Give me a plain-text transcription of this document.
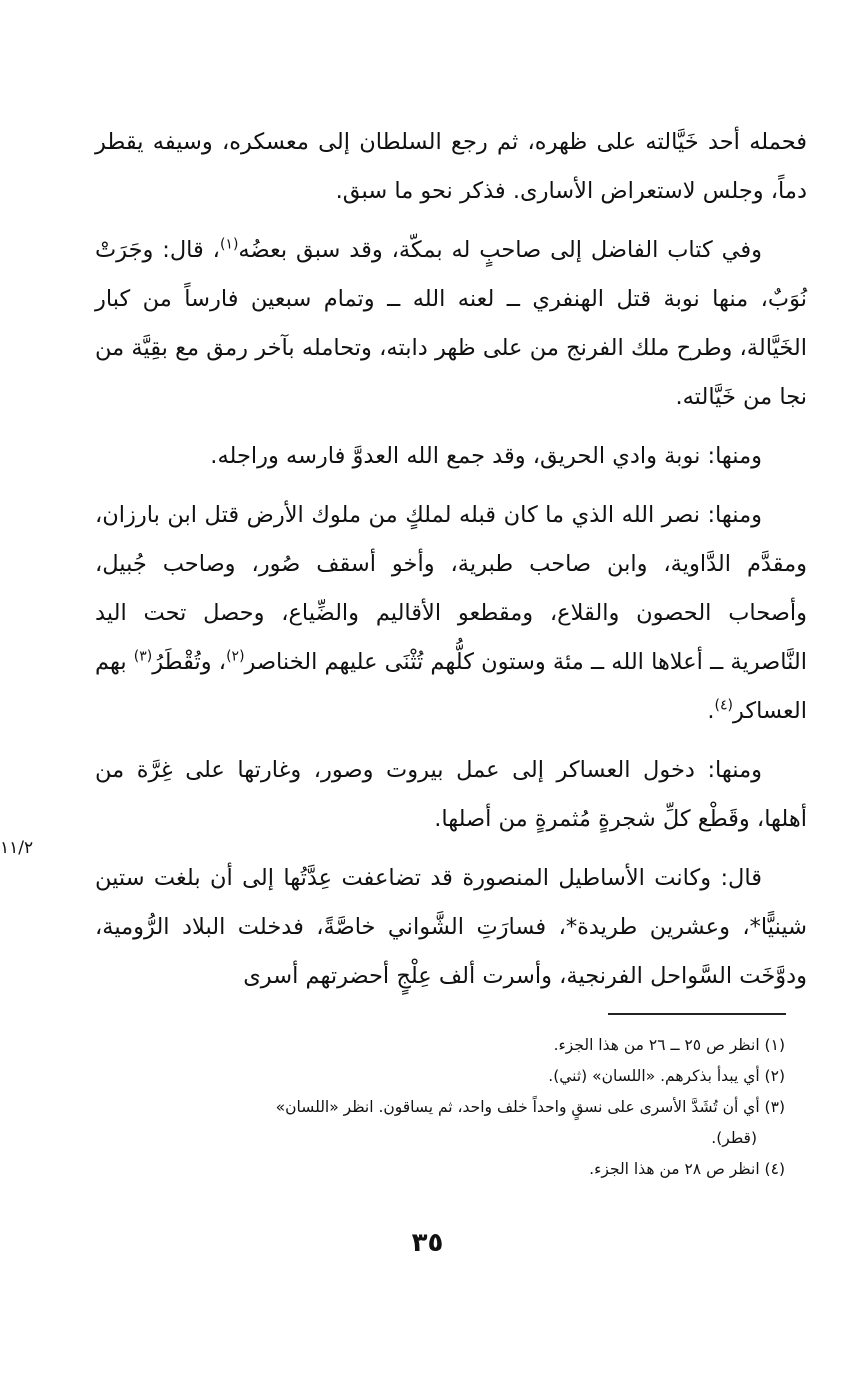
فحمله أحد خَيَّالته على ظهره، ثم رجع السلطان إلى معسكره، وسيفه يقطر دماً، وجلس لاستعراض الأسارى. فذكر نحو ما سبق.

وفي كتاب الفاضل إلى صاحبٍ له بمكّة، وقد سبق بعضُه$^{(١)}$، قال: وجَرَتْ نُوَبٌ، منها نوبة قتل الهنفري ــ لعنه الله ــ وتمام سبعين فارساً من كبار الخَيَّالة، وطرح ملك الفرنج من على ظهر دابته، وتحامله بآخر رمق مع بقِيَّة من نجا من خَيَّالته.

ومنها: نوبة وادي الحريق، وقد جمع الله العدوَّ فارسه وراجله.

ومنها: نصر الله الذي ما كان قبله لملكٍ من ملوك الأرض قتل ابن بارزان، ومقدَّم الدَّاوية، وابن صاحب طبرية، وأخو أسقف صُور، وصاحب جُبيل، وأصحاب الحصون والقلاع، ومقطعو الأقاليم والضِّياع، وحصل تحت اليد النَّاصرية ــ أعلاها الله ــ مئة وستون كلُّهم تُثْنَى عليهم الخناصر$^{(٢)}$، وتُقْطَرُ$^{(٣)}$ بهم العساكر$^{(٤)}$.

ومنها: دخول العساكر إلى عمل بيروت وصور، وغارتها على غِرَّة من أهلها، وقَطْع كلِّ شجرةٍ مُثمرةٍ من أصلها.

قال: وكانت الأساطيل المنصورة قد تضاعفت عِدَّتُها إلى أن بلغت ستين شينيًّا*، وعشرين طريدة*، فسارَتِ الشَّواني خاصَّةً، فدخلت البلاد الرُّومية، ودوَّخَت السَّواحل الفرنجية، وأسرت ألف عِلْجٍ أحضرتهم أسرى

١١/٢

(١) انظر ص ٢٥ ــ ٢٦ من هذا الجزء.

(٢) أي يبدأ بذكرهم. «اللسان» (ثني).

(٣) أي أن تُشَدَّ الأسرى على نسقٍ واحداً خلف واحد، ثم يساقون. انظر «اللسان»

(قطر).

(٤) انظر ص ٢٨ من هذا الجزء.

٣٥
